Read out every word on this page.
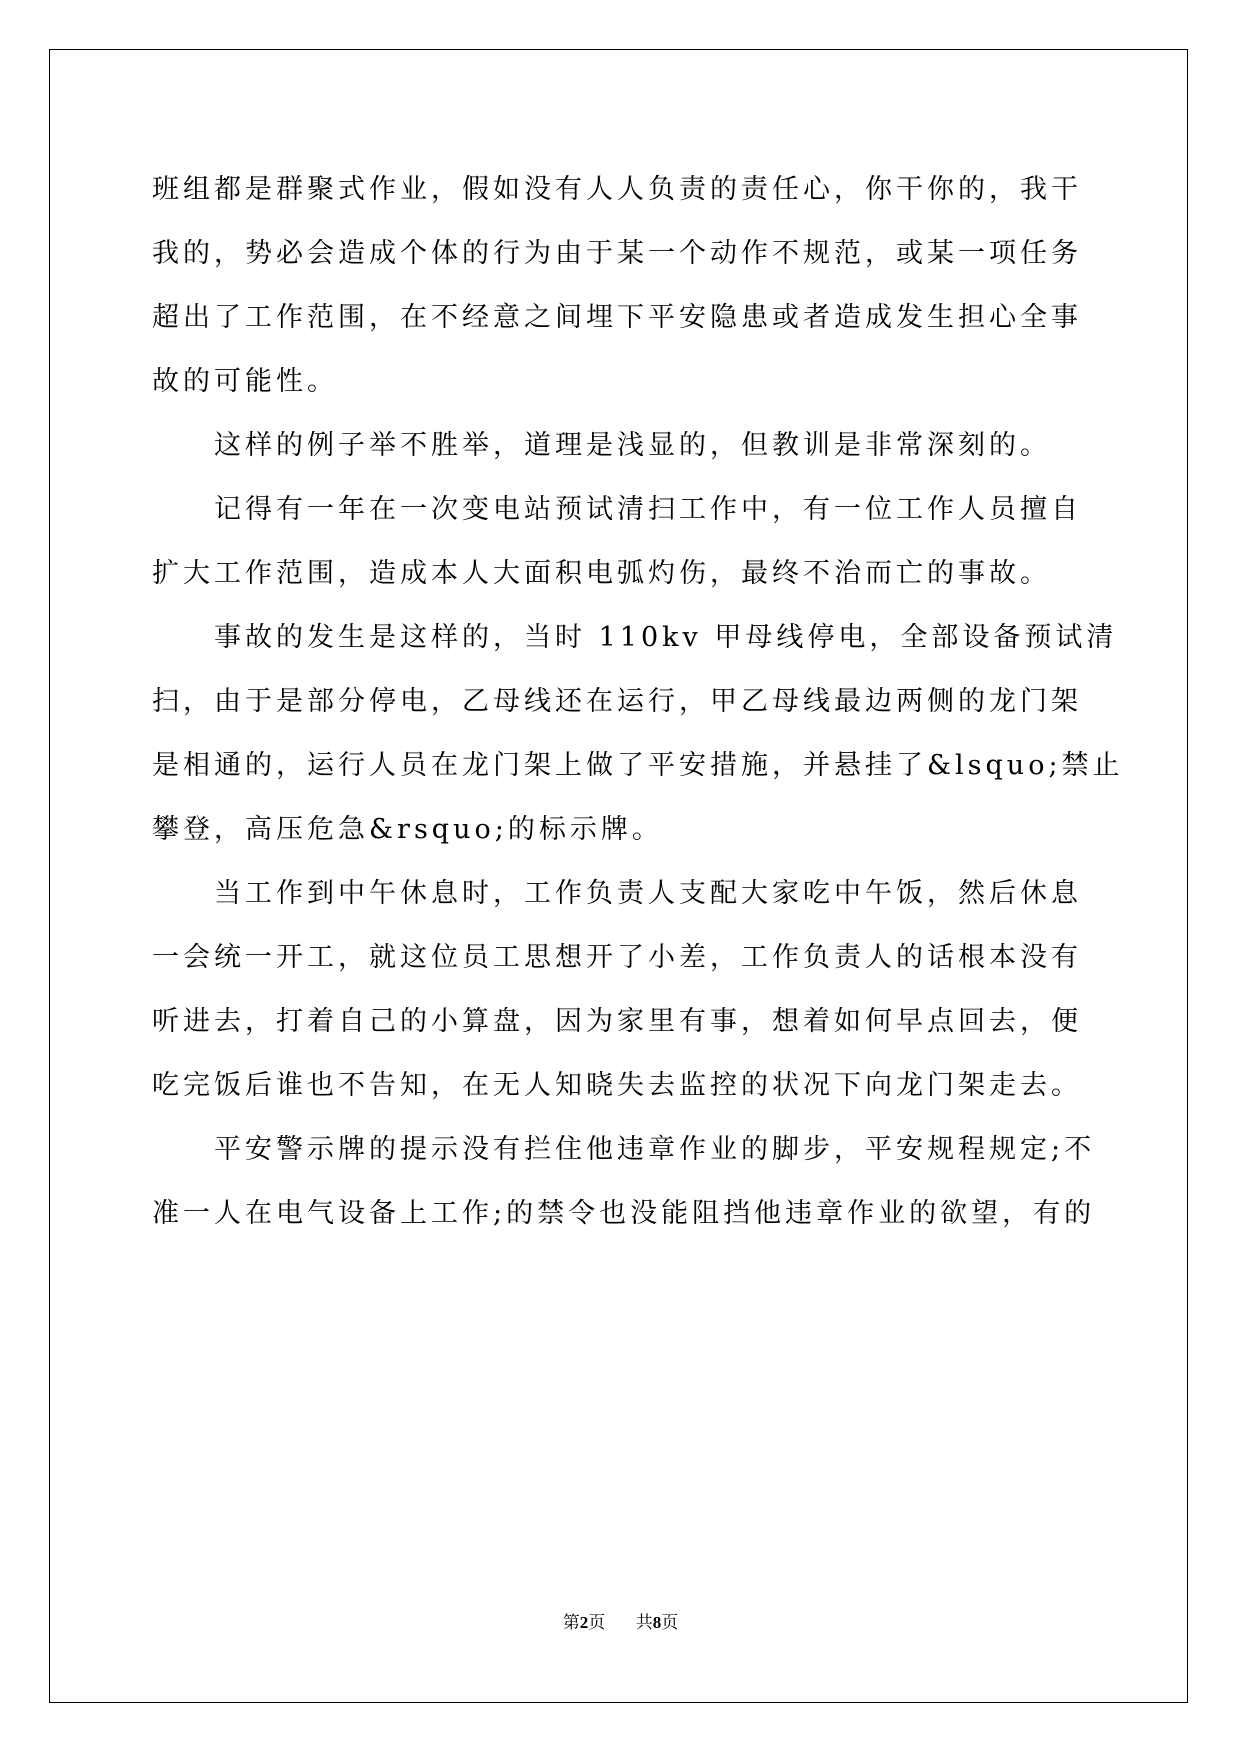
班组都是群聚式作业，假如没有人人负责的责任心，你干你的，我干
我的，势必会造成个体的行为由于某一个动作不规范，或某一项任务
超出了工作范围，在不经意之间埋下平安隐患或者造成发生担心全事
故的可能性。
这样的例子举不胜举，道理是浅显的，但教训是非常深刻的。
记得有一年在一次变电站预试清扫工作中，有一位工作人员擅自
扩大工作范围，造成本人大面积电弧灼伤，最终不治而亡的事故。
事故的发生是这样的，当时 110kv 甲母线停电，全部设备预试清
扫，由于是部分停电，乙母线还在运行，甲乙母线最边两侧的龙门架
是相通的，运行人员在龙门架上做了平安措施，并悬挂了&lsquo;禁止
攀登，高压危急&rsquo;的标示牌。
当工作到中午休息时，工作负责人支配大家吃中午饭，然后休息
一会统一开工，就这位员工思想开了小差，工作负责人的话根本没有
听进去，打着自己的小算盘，因为家里有事，想着如何早点回去，便
吃完饭后谁也不告知，在无人知晓失去监控的状况下向龙门架走去。
平安警示牌的提示没有拦住他违章作业的脚步，平安规程规定;不
准一人在电气设备上工作;的禁令也没能阻挡他违章作业的欲望，有的
第2页 共8页
